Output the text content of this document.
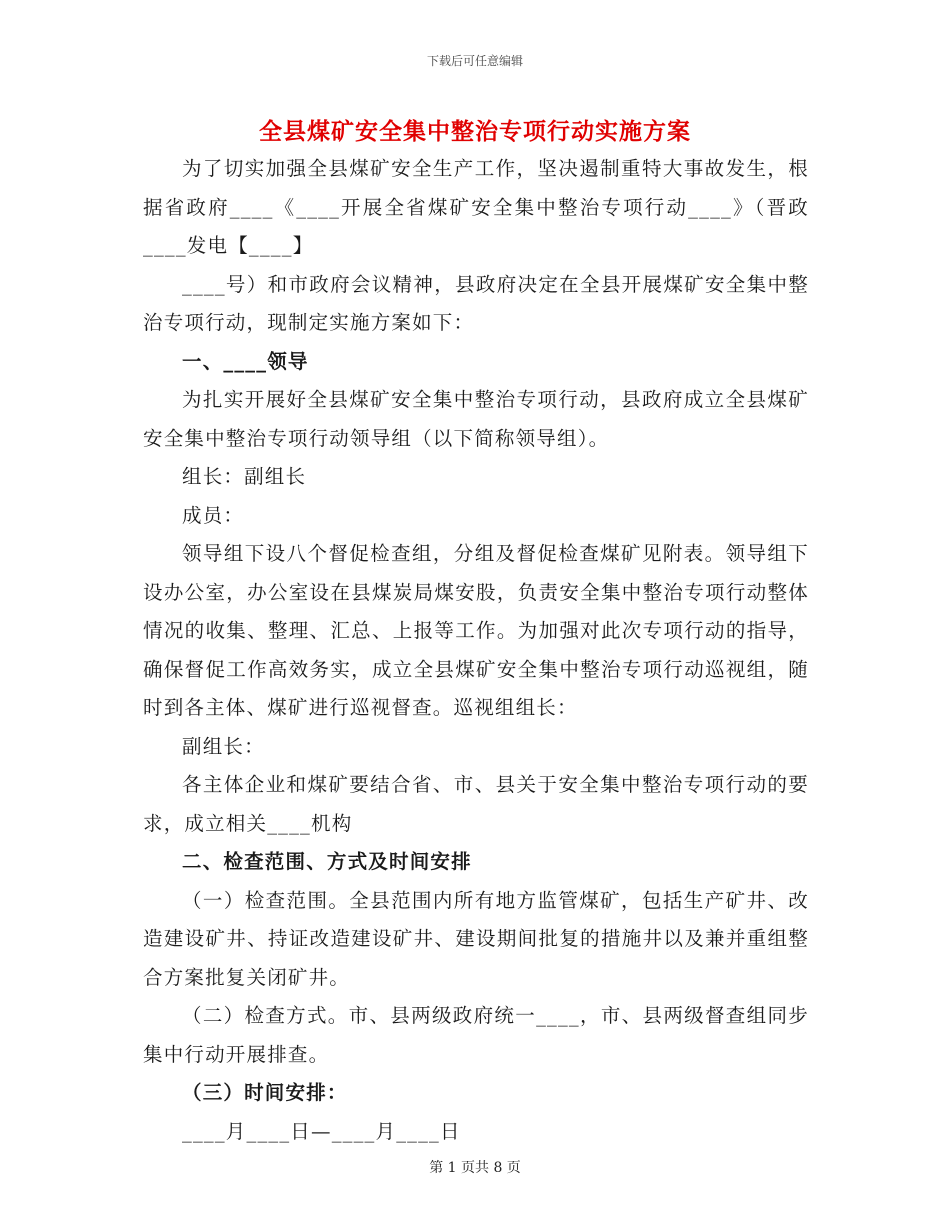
下载后可任意编辑
全县煤矿安全集中整治专项行动实施方案

为了切实加强全县煤矿安全生产工作，坚决遏制重特大事故发生，根据省政府____《____开展全省煤矿安全集中整治专项行动____》（晋政____发电【____】

____号）和市政府会议精神，县政府决定在全县开展煤矿安全集中整治专项行动，现制定实施方案如下：

一、____领导

为扎实开展好全县煤矿安全集中整治专项行动，县政府成立全县煤矿安全集中整治专项行动领导组（以下简称领导组）。

组长：副组长

成员：

领导组下设八个督促检查组，分组及督促检查煤矿见附表。领导组下设办公室，办公室设在县煤炭局煤安股，负责安全集中整治专项行动整体情况的收集、整理、汇总、上报等工作。为加强对此次专项行动的指导，确保督促工作高效务实，成立全县煤矿安全集中整治专项行动巡视组，随时到各主体、煤矿进行巡视督查。巡视组组长：

副组长：

各主体企业和煤矿要结合省、市、县关于安全集中整治专项行动的要求，成立相关____机构

二、检查范围、方式及时间安排

（一）检查范围。全县范围内所有地方监管煤矿，包括生产矿井、改造建设矿井、持证改造建设矿井、建设期间批复的措施井以及兼并重组整合方案批复关闭矿井。

（二）检查方式。市、县两级政府统一____，市、县两级督查组同步集中行动开展排查。

（三）时间安排：

____月____日—____月____日

第 1 页共 8 页
